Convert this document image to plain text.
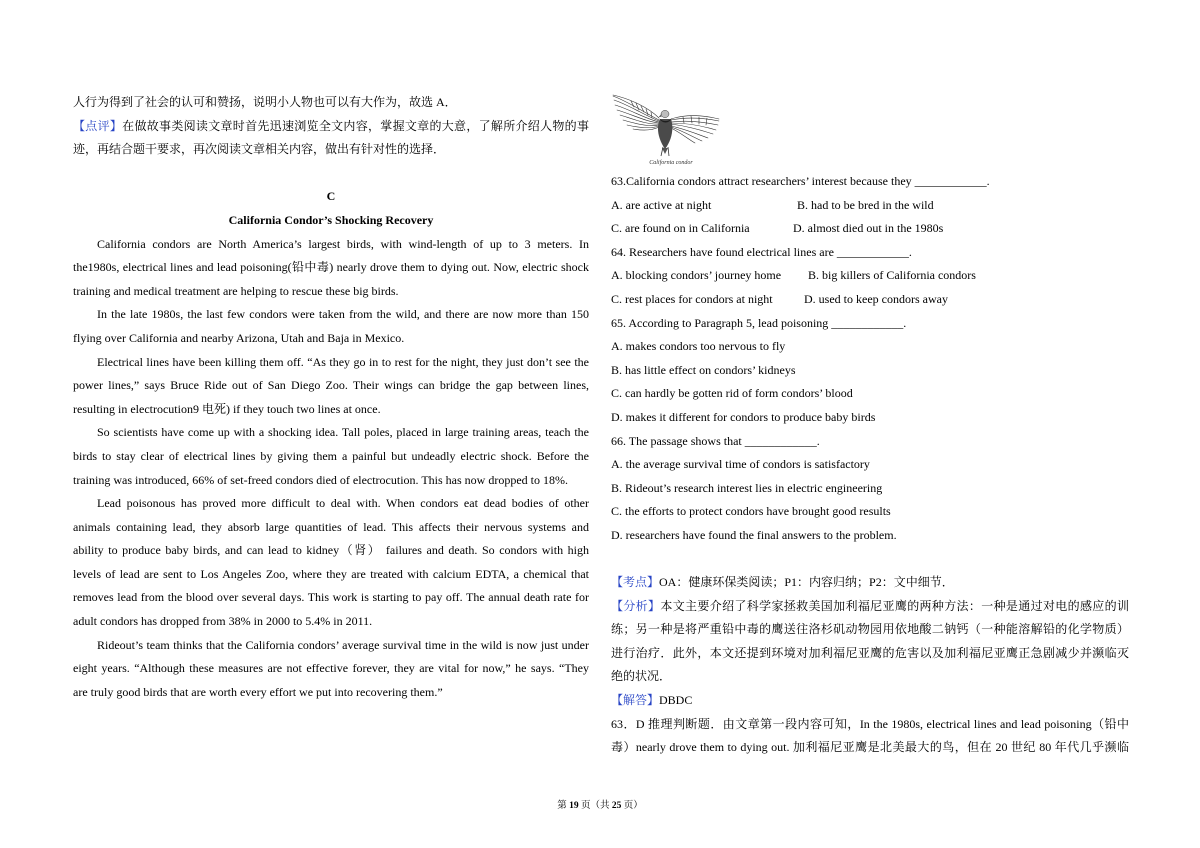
人行为得到了社会的认可和赞扬，说明小人物也可以有大作为，故选 A．
【点评】在做故事类阅读文章时首先迅速浏览全文内容，掌握文章的大意，了解所介绍人物的事
迹，再结合题干要求，再次阅读文章相关内容，做出有针对性的选择．
C
California Condor’s Shocking Recovery
California condors are North America’s largest birds, with wind-length of up to 3 meters. In
the1980s, electrical lines and lead poisoning(铅中毒) nearly drove them to dying out. Now, electric shock
training and medical treatment are helping to rescue these big birds.
In the late 1980s, the last few condors were taken from the wild, and there are now more than 150
flying over California and nearby Arizona, Utah and Baja in Mexico.
Electrical lines have been killing them off. “As they go in to rest for the night, they just don’t see the
power lines,” says Bruce Ride out of San Diego Zoo. Their wings can bridge the gap between lines,
resulting in electrocution9 电死) if they touch two lines at once.
So scientists have come up with a shocking idea. Tall poles, placed in large training areas, teach the
birds to stay clear of electrical lines by giving them a painful but undeadly electric shock. Before the
training was introduced, 66% of set-freed condors died of electrocution. This has now dropped to 18%.
Lead poisonous has proved more difficult to deal with. When condors eat dead bodies of other
animals containing lead, they absorb large quantities of lead. This affects their nervous systems and
ability to produce baby birds, and can lead to kidney（肾） failures and death. So condors with high
levels of lead are sent to Los Angeles Zoo, where they are treated with calcium EDTA, a chemical that
removes lead from the blood over several days. This work is starting to pay off. The annual death rate for
adult condors has dropped from 38% in 2000 to 5.4% in 2011.
Rideout’s team thinks that the California condors’ average survival time in the wild is now just under
eight years. “Although these measures are not effective forever, they are vital for now,” he says. “They
are truly good birds that are worth every effort we put into recovering them.”
California condor
63.California condors attract researchers’ interest because they ____________.
A. are active at night	B. had to be bred in the wild
C. are found on in California	D. almost died out in the 1980s
64. Researchers have found electrical lines are ____________.
A. blocking condors’ journey home B. big killers of California condors
C. rest places for condors at night	D. used to keep condors away
65. According to Paragraph 5, lead poisoning ____________.
A. makes condors too nervous to fly
B. has little effect on condors’ kidneys
C. can hardly be gotten rid of form condors’ blood
D. makes it different for condors to produce baby birds
66. The passage shows that ____________.
A. the average survival time of condors is satisfactory
B. Rideout’s research interest lies in electric engineering
C. the efforts to protect condors have brought good results
D. researchers have found the final answers to the problem.
【考点】OA：健康环保类阅读；P1：内容归纳；P2：文中细节．
【分析】本文主要介绍了科学家拯救美国加利福尼亚鹰的两种方法：一种是通过对电的感应的训
练；另一种是将严重铅中毒的鹰送往洛杉矶动物园用依地酸二钠钙（一种能溶解铅的化学物质）
进行治疗．此外，本文还提到环境对加利福尼亚鹰的危害以及加利福尼亚鹰正急剧减少并濒临灭
绝的状况．
【解答】DBDC
63．D 推理判断题．由文章第一段内容可知，In the 1980s, electrical lines and lead poisoning（铅中
毒）nearly drove them to dying out. 加利福尼亚鹰是北美最大的鸟，但在 20 世纪 80 年代几乎濒临
第 19 页（共 25 页）
